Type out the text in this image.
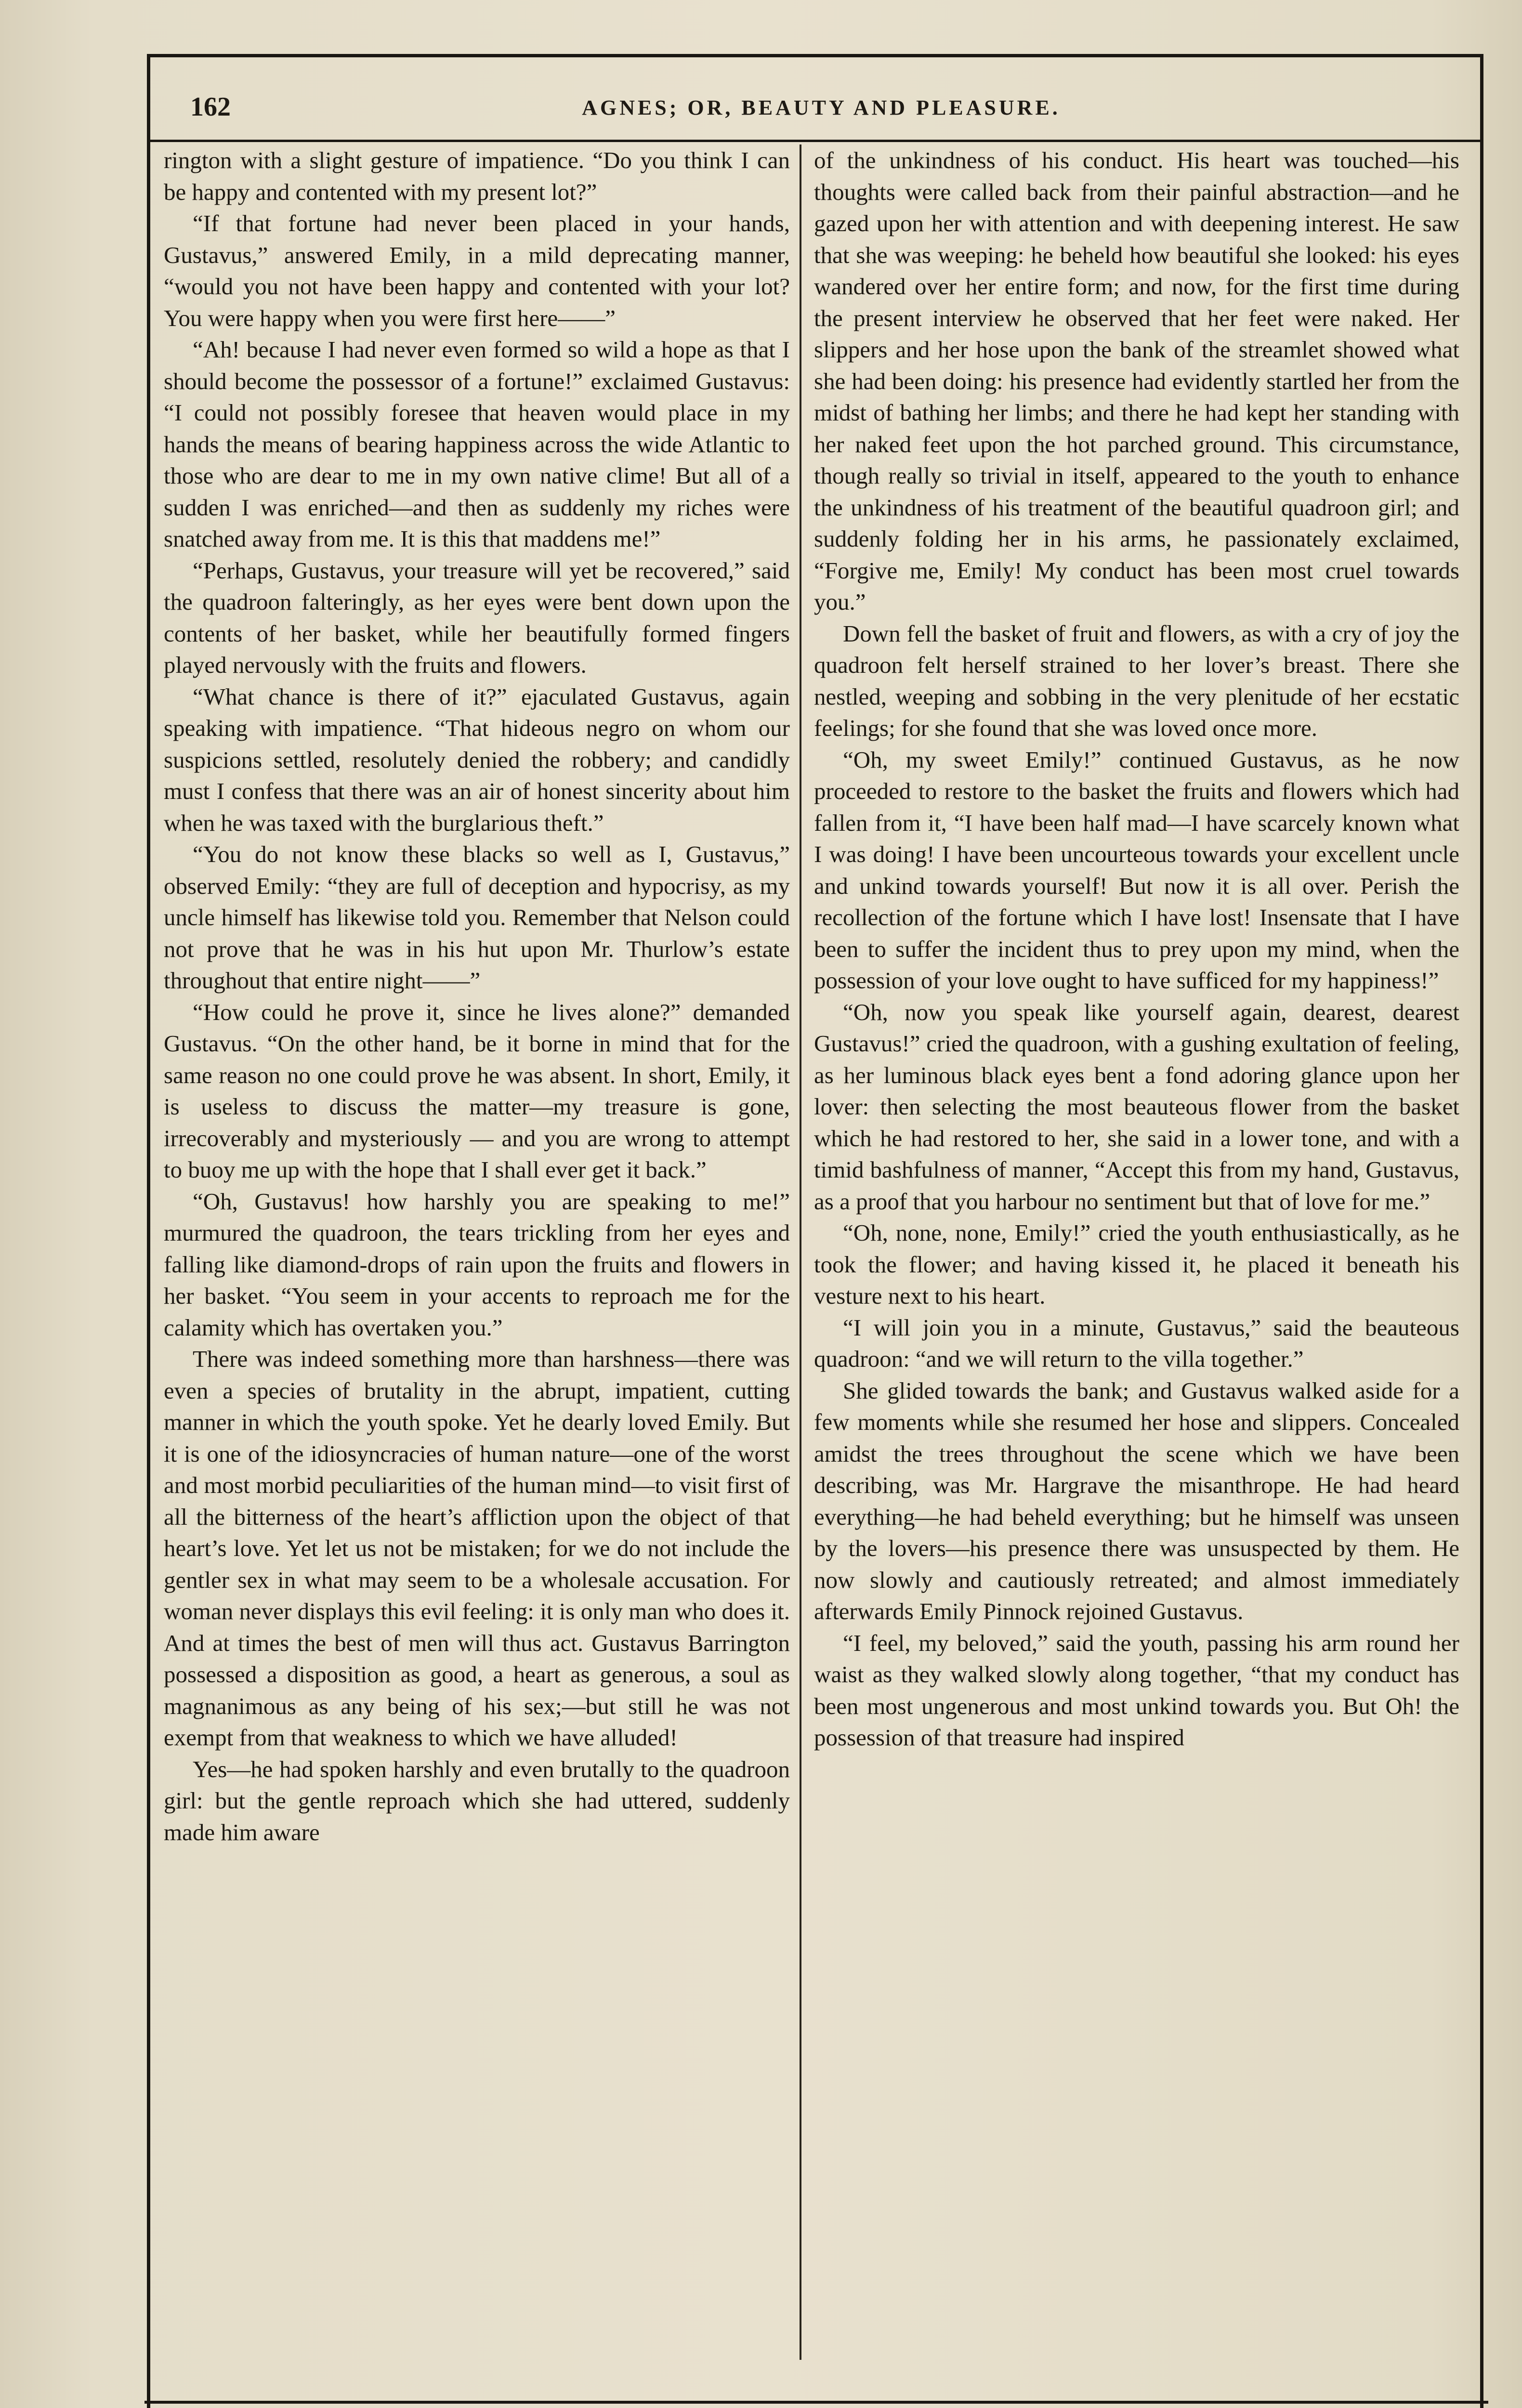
162	AGNES; OR, BEAUTY AND PLEASURE.

rington with a slight gesture of impatience. “Do you think I can be happy and contented with my present lot?”

“If that fortune had never been placed in your hands, Gustavus,” answered Emily, in a mild deprecating manner, “would you not have been happy and contented with your lot? You were happy when you were first here——”

“Ah! because I had never even formed so wild a hope as that I should become the possessor of a fortune!” exclaimed Gustavus: “I could not possibly foresee that heaven would place in my hands the means of bearing happiness across the wide Atlantic to those who are dear to me in my own native clime! But all of a sudden I was enriched—and then as suddenly my riches were snatched away from me. It is this that maddens me!”

“Perhaps, Gustavus, your treasure will yet be recovered,” said the quadroon falteringly, as her eyes were bent down upon the contents of her basket, while her beautifully formed fingers played nervously with the fruits and flowers.

“What chance is there of it?” ejaculated Gustavus, again speaking with impatience. “That hideous negro on whom our suspicions settled, resolutely denied the robbery; and candidly must I confess that there was an air of honest sincerity about him when he was taxed with the burglarious theft.”

“You do not know these blacks so well as I, Gustavus,” observed Emily: “they are full of deception and hypocrisy, as my uncle himself has likewise told you. Remember that Nelson could not prove that he was in his hut upon Mr. Thurlow’s estate throughout that entire night——”

“How could he prove it, since he lives alone?” demanded Gustavus. “On the other hand, be it borne in mind that for the same reason no one could prove he was absent. In short, Emily, it is useless to discuss the matter—my treasure is gone, irrecoverably and mysteriously — and you are wrong to attempt to buoy me up with the hope that I shall ever get it back.”

“Oh, Gustavus! how harshly you are speaking to me!” murmured the quadroon, the tears trickling from her eyes and falling like diamond-drops of rain upon the fruits and flowers in her basket. “You seem in your accents to reproach me for the calamity which has overtaken you.”

There was indeed something more than harshness—there was even a species of brutality in the abrupt, impatient, cutting manner in which the youth spoke. Yet he dearly loved Emily. But it is one of the idiosyncracies of human nature—one of the worst and most morbid peculiarities of the human mind—to visit first of all the bitterness of the heart’s affliction upon the object of that heart’s love. Yet let us not be mistaken; for we do not include the gentler sex in what may seem to be a wholesale accusation. For woman never displays this evil feeling: it is only man who does it. And at times the best of men will thus act. Gustavus Barrington possessed a disposition as good, a heart as generous, a soul as magnanimous as any being of his sex;—but still he was not exempt from that weakness to which we have alluded!

Yes—he had spoken harshly and even brutally to the quadroon girl: but the gentle reproach which she had uttered, suddenly made him aware

of the unkindness of his conduct. His heart was touched—his thoughts were called back from their painful abstraction—and he gazed upon her with attention and with deepening interest. He saw that she was weeping: he beheld how beautiful she looked: his eyes wandered over her entire form; and now, for the first time during the present interview he observed that her feet were naked. Her slippers and her hose upon the bank of the streamlet showed what she had been doing: his presence had evidently startled her from the midst of bathing her limbs; and there he had kept her standing with her naked feet upon the hot parched ground. This circumstance, though really so trivial in itself, appeared to the youth to enhance the unkindness of his treatment of the beautiful quadroon girl; and suddenly folding her in his arms, he passionately exclaimed, “Forgive me, Emily! My conduct has been most cruel towards you.”

Down fell the basket of fruit and flowers, as with a cry of joy the quadroon felt herself strained to her lover’s breast. There she nestled, weeping and sobbing in the very plenitude of her ecstatic feelings; for she found that she was loved once more.

“Oh, my sweet Emily!” continued Gustavus, as he now proceeded to restore to the basket the fruits and flowers which had fallen from it, “I have been half mad—I have scarcely known what I was doing! I have been uncourteous towards your excellent uncle and unkind towards yourself! But now it is all over. Perish the recollection of the fortune which I have lost! Insensate that I have been to suffer the incident thus to prey upon my mind, when the possession of your love ought to have sufficed for my happiness!”

“Oh, now you speak like yourself again, dearest, dearest Gustavus!” cried the quadroon, with a gushing exultation of feeling, as her luminous black eyes bent a fond adoring glance upon her lover: then selecting the most beauteous flower from the basket which he had restored to her, she said in a lower tone, and with a timid bashfulness of manner, “Accept this from my hand, Gustavus, as a proof that you harbour no sentiment but that of love for me.”

“Oh, none, none, Emily!” cried the youth enthusiastically, as he took the flower; and having kissed it, he placed it beneath his vesture next to his heart.

“I will join you in a minute, Gustavus,” said the beauteous quadroon: “and we will return to the villa together.”

She glided towards the bank; and Gustavus walked aside for a few moments while she resumed her hose and slippers. Concealed amidst the trees throughout the scene which we have been describing, was Mr. Hargrave the misanthrope. He had heard everything—he had beheld everything; but he himself was unseen by the lovers—his presence there was unsuspected by them. He now slowly and cautiously retreated; and almost immediately afterwards Emily Pinnock rejoined Gustavus.

“I feel, my beloved,” said the youth, passing his arm round her waist as they walked slowly along together, “that my conduct has been most ungenerous and most unkind towards you. But Oh! the possession of that treasure had inspired
